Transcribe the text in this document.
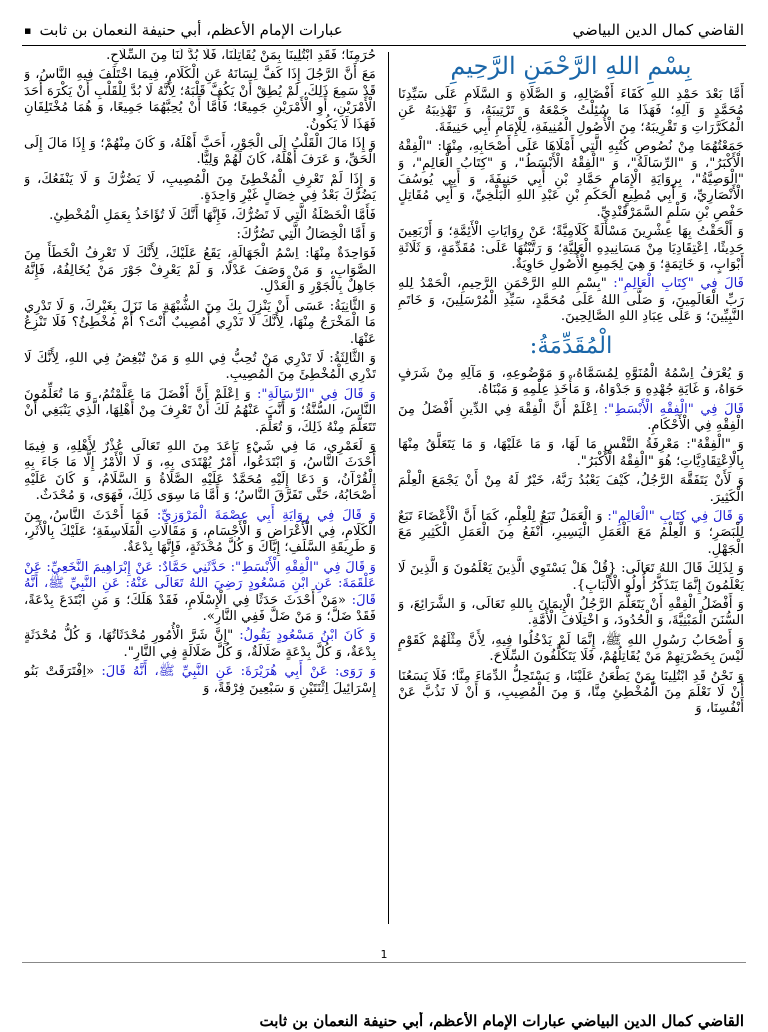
القاضي كمال الدين البياضي
عبارات الإمام الأعظم، أبي حنيفة النعمان بن ثابت
▪

بِسْمِ اللهِ الرَّحْمَنِ الرَّحِيمِ

أَمَّا بَعْدَ حَمْدِ اللهِ كَفَاءَ أَفْضَالِهِ، وَ الصَّلَاةِ وَ السَّلَامِ عَلَى سَيِّدِنَا مُحَمَّدٍ وَ آلِهِ؛ فَهَذَا مَا سُئِلْتُ جَمْعَهُ وَ تَرْتِيبَهُ، وَ تَهْذِيبَهُ عَنِ الْمُكَرَّرَاتِ وَ تَقْرِيبَهُ؛ مِنَ الْأُصُولِ الْمُنِيفَةِ، لِلْإِمَامِ أَبِي حَنِيفَةَ.

جَمَعْتُهُمَا مِنْ نُصُوصِ كُتُبِهِ الَّتِي أَمْلَاهَا عَلَى أَصْحَابِهِ، مِنْهَا: "الْفِقْهُ الْأَكْبَرُ"، وَ "الرِّسَالَةُ"، وَ "الْفِقْهُ الْأَبْسَطُ"، وَ "كِتَابُ الْعَالِمِ"، وَ "الْوَصِيَّةُ"، بِرِوَايَةِ الْإِمَامِ حَمَّادِ بْنِ أَبِي حَنِيفَةَ، وَ أَبِي يُوسُفَ الْأَنْصَارِيِّ، وَ أَبِي مُطِيعٍ الْحَكَمِ بْنِ عَبْدِ اللهِ الْبَلْخِيِّ، وَ أَبِي مُقَاتِلٍ حَفْصِ بْنِ سَلْمٍ السَّمَرْقَنْدِيِّ.

وَ أَلْحَقْتُ بِهَا عِشْرِينَ مَسْأَلَةً كَلَامِيَّةً؛ عَنْ رِوَايَاتِ الْأَئِمَّةِ؛ وَ أَرْبَعِينَ حَدِيثًا، اِعْتِقَادِيَا مِنْ مَسَانِيدِهِ الْعَلِيَّةِ؛ وَ رَتَّبْتُهَا عَلَى: مُقَدِّمَةٍ، وَ ثَلَاثَةِ أَبْوَابٍ، وَ خَاتِمَةٍ؛ وَ هِيَ لِجَمِيعِ الْأُصُولِ حَاوِيَةٌ.

قَالَ فِي "كِتَابِ الْعَالِمِ": "بِسْمِ اللهِ الرَّحْمَنِ الرَّحِيمِ، الْحَمْدُ لِلهِ رَبِّ الْعَالَمِينَ، وَ صَلَّى اللهُ عَلَى مُحَمَّدٍ، سَيِّدِ الْمُرْسَلِينَ، وَ خَاتَمِ النَّبِيِّينَ؛ وَ عَلَى عِبَادِ اللهِ الصَّالِحِينَ.

الْمُقَدِّمَةُ:

وَ يُعْرَفُ اِسْمُهُ الْمُنَوَّهِ لِمُسَمَّاهُ، وَ مَوْضُوعِهِ، وَ مَآلِهِ مِنْ شَرَفٍ حَوَاهُ، وَ غَايَةِ جُهْدِهِ وَ جَدْوَاهُ، وَ مَأْخَذِ عِلْمِهِ وَ مَبْنَاهُ.

قَالَ فِي "الْفِقْهِ الْأَبْسَطِ": اِعْلَمْ أَنَّ الْفِقْهَ فِي الدِّينِ أَفْضَلُ مِنَ الْفِقْهِ فِي الْأَحْكَامِ.

وَ "الْفِقْهُ": مَعْرِفَةُ النَّفْسِ مَا لَهَا، وَ مَا عَلَيْهَا، وَ مَا يَتَعَلَّقُ مِنْهَا بِالْاِعْتِقَادِيَّاتِ؛ هُوَ "الْفِقْهُ الْأَكْبَرُ".

وَ لَأَنْ يَتَفَقَّهَ الرَّجُلُ، كَيْفَ يَعْبُدُ رَبَّهُ، خَيْرٌ لَهُ مِنْ أَنْ يَجْمَعَ الْعِلْمَ الْكَثِيرَ.

وَ قَالَ فِي كِتَابِ "الْعَالِمِ": وَ الْعَمَلُ تَبَعٌ لِلْعِلْمِ، كَمَا أَنَّ الْأَعْضَاءَ تَبَعٌ لِلْبَصَرِ؛ وَ الْعِلْمُ مَعَ الْعَمَلِ الْيَسِيرِ، أَنْفَعُ مِنَ الْعَمَلِ الْكَثِيرِ مَعَ الْجَهْلِ.

وَ لِذَلِكَ قَالَ اللهُ تَعَالَى: {قُلْ هَلْ يَسْتَوِي الَّذِينَ يَعْلَمُونَ وَ الَّذِينَ لَا يَعْلَمُونَ إِنَّمَا يَتَذَكَّرُ أُولُو الْأَلْبَابِ}.

وَ أَفْضَلُ الْفِقْهِ أَنْ يَتَعَلَّمَ الرَّجُلُ الْإِيمَانَ بِاللهِ تَعَالَى، وَ الشَّرَائِعَ، وَ السُّنَنَ الْمَبْنِيَّةَ، وَ الْحُدُودَ، وَ اخْتِلَافَ الْأُمَّةِ.

وَ أَصْحَابُ رَسُولِ اللهِ ﷺ، إِنَّمَا لَمْ يَدْخُلُوا فِيهِ، لِأَنَّ مِثْلَهُمْ كَقَوْمٍ لَيْسَ بِحَضْرَتِهِمْ مَنْ يُقَاتِلُهُمْ، فَلَا يَتَكَلَّفُونَ السِّلَاحَ.

وَ نَحْنُ قَدِ ابْتُلِينَا بِمَنْ يَطْعَنُ عَلَيْنَا، وَ يَسْتَحِلُّ الدِّمَاءَ مِنَّا؛ فَلَا يَسَعُنَا أَنْ لَا نَعْلَمَ مِنَ الْمُخْطِئِ مِنَّا، وَ مِنَ الْمُصِيبِ، وَ أَنْ لَا نَذُبَّ عَنْ أَنْفُسِنَا، وَ

حُرَمِنَا؛ فَقَدِ ابْتُلِينَا بِمَنْ يُقَاتِلُنَا، فَلَا بُدَّ لَنَا مِنَ السِّلَاحِ.

مَعَ أَنَّ الرَّجُلَ إِذَا كَفَّ لِسَانَهُ عَنِ الْكَلَامِ، فِيمَا اخْتَلَفَ فِيهِ النَّاسُ، وَ قَدْ سَمِعَ ذَلِكَ، لَمْ يُطِقْ أَنْ يَكُفَّ قَلْبَهُ؛ لِأَنَّهُ لَا بُدَّ لِلْقَلْبِ أَنْ يَكْرَهَ أَحَدَ الْأَمْرَيْنِ، أَوِ الْأَمْرَيْنِ جَمِيعًا؛ فَأَمَّا أَنْ يُحِبَّهُمَا جَمِيعًا، وَ هُمَا مُخْتَلِفَانِ فَهَذَا لَا يَكُونُ.

وَ إِذَا مَالَ الْقَلْبُ إِلَى الْجَوْرِ، أَحَبَّ أَهْلَهُ، وَ كَانَ مِنْهُمْ؛ وَ إِذَا مَالَ إِلَى الْحَقِّ، وَ عَرَفَ أَهْلَهُ، كَانَ لَهُمْ وَلِيًّا.

وَ إِذَا لَمْ تَعْرِفِ الْمُخْطِئَ مِنَ الْمُصِيبِ، لَا يَضُرُّكَ وَ لَا يَنْفَعُكَ، وَ يَضُرُّكَ بَعْدُ فِي خِصَالٍ غَيْرِ وَاحِدَةٍ.

فَأَمَّا الْخَصْلَةُ الَّتِي لَا تَضُرُّكَ، فَإِنَّهَا أَنَّكَ لَا تُؤَاخَذُ بِعَمَلِ الْمُخْطِئِ.

وَ أَمَّا الْخِصَالُ الَّتِي تَضُرُّكَ:

فَوَاحِدَةٌ مِنْهَا: اِسْمُ الْجَهَالَةِ، يَقَعُ عَلَيْكَ، لِأَنَّكَ لَا تَعْرِفُ الْخَطَأَ مِنَ الصَّوَابِ، وَ مَنْ وَصَفَ عَدْلًا، وَ لَمْ يَعْرِفْ جَوْرَ مَنْ يُخَالِفُهُ، فَإِنَّهُ جَاهِلٌ بِالْجَوْرِ وَ الْعَدْلِ.

وَ الثَّانِيَةُ: عَسَى أَنْ يَنْزِلَ بِكَ مِنَ الشُّبْهَةِ مَا نَزَلَ بِغَيْرِكَ، وَ لَا تَدْرِي مَا الْمَخْرَجُ مِنْهَا، لِأَنَّكَ لَا تَدْرِي أَمُصِيبٌ أَنْتَ؟ أَمْ مُخْطِئٌ؟ فَلَا تَنْزِعُ عَنْهَا.

وَ الثَّالِثَةُ: لَا تَدْرِي مَنْ تُحِبُّ فِي اللهِ وَ مَنْ تُبْغِضُ فِي اللهِ، لِأَنَّكَ لَا تَدْرِي الْمُخْطِئَ مِنَ الْمُصِيبِ.

وَ قَالَ فِي "الرِّسَالَةِ": وَ اِعْلَمْ أَنَّ أَفْضَلَ مَا عَلَّمْتُمُ، وَ مَا تُعَلِّمُونَ النَّاسَ، السُّنَّةُ؛ وَ أَنَّبَ عَنْهُمُ لَكَ أَنْ تَعْرِفَ مِنْ أَهْلِهَا، الَّذِي يَنْبَغِي أَنْ تَتَعَلَّمَ مِنْهُ ذَلِكَ، وَ تُعَلِّمَ.

وَ لَعَمْرِي، مَا فِي شَيْءٍ بَاعَدَ مِنَ اللهِ تَعَالَى عُذْرٌ لِأَهْلِهِ، وَ فِيمَا أَحْدَثَ النَّاسُ، وَ ابْتَدَعُوا، أَمْرٌ يُهْتَدَى بِهِ، وَ لَا الْأَمْرُ إِلَّا مَا جَاءَ بِهِ الْقُرْآنُ، وَ دَعَا إِلَيْهِ مُحَمَّدٌ عَلَيْهِ الصَّلَاةُ وَ السَّلَامُ، وَ كَانَ عَلَيْهِ أَصْحَابُهُ، حَتَّى تَفَرَّقَ النَّاسُ؛ وَ أَمَّا مَا سِوَى ذَلِكَ، فَهَوَى، وَ مُحْدَثٌ.

وَ قَالَ فِي رِوَايَةِ أَبِي عِصْمَةَ الْمَرْوَزِيِّ: فَمَا أَحْدَثَ النَّاسُ، مِنَ الْكَلَامِ، فِي الْأَعْرَاضِ وَ الْأَجْسَامِ، وَ مَقَالَاتِ الْفَلَاسِفَةِ؛ عَلَيْكَ بِالْأَثَرِ، وَ طَرِيقَةِ السَّلَفِ؛ إِيَّاكَ وَ كُلَّ مُحْدَثَةٍ، فَإِنَّهَا بِدْعَةٌ.

وَ قَالَ فِي "الْفِقْهِ الْأَبْسَطِ": حَدَّثَنِي حَمَّادٌ: عَنْ إِبْرَاهِيمَ النَّخَعِيِّ: عَنْ عَلْقَمَةَ: عَنِ ابْنِ مَسْعُودٍ رَضِيَ اللهُ تَعَالَى عَنْهُ: عَنِ النَّبِيِّ ﷺ، أَنَّهُ قَالَ: «مَنْ أَحْدَثَ حَدَثًا فِي الْإِسْلَامِ، فَقَدْ هَلَكَ؛ وَ مَنِ ابْتَدَعَ بِدْعَةً، فَقَدْ ضَلَّ؛ وَ مَنْ ضَلَّ فَفِي النَّارِ».

وَ كَانَ ابْنُ مَسْعُودٍ يَقُولُ: "إِنَّ شَرَّ الْأُمُورِ مُحْدَثَاتُهَا، وَ كُلُّ مُحْدَثَةٍ بِدْعَةٌ، وَ كُلَّ بِدْعَةٍ ضَلَالَةٌ، وَ كُلَّ ضَلَالَةٍ فِي النَّارِ".

وَ رَوَى: عَنْ أَبِي هُرَيْرَةَ: عَنِ النَّبِيِّ ﷺ، أَنَّهُ قَالَ: «اِفْتَرَقَتْ بَنُو إِسْرَائِيلَ اِثْنَتَيْنِ وَ سَبْعِينَ فِرْقَةً، وَ

1
القاضي كمال الدين البياضي عبارات الإمام الأعظم، أبي حنيفة النعمان بن ثابت
